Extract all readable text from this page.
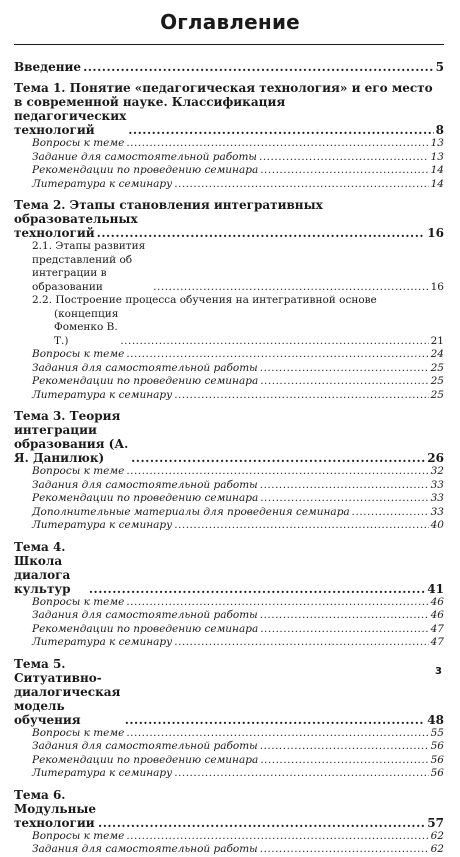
Оглавление
Введение .....	5
Тема 1. Понятие «педагогическая технология» и его место
в современной науке. Классификация
педагогических технологий .....	8
Вопросы к теме .....	13
Задание для самостоятельной работы .....	13
Рекомендации по проведению семинара .....	14
Литература к семинару .....	14
Тема 2. Этапы становления интегративных образовательных
технологий .....	16
2.1. Этапы развития представлений об интеграции в образовании .....	16
2.2. Построение процесса обучения на интегративной основе
(концепция Фоменко В. Т.) .....	21
Вопросы к теме .....	24
Задания для самостоятельной работы .....	25
Рекомендации по проведению семинара .....	25
Литература к семинару .....	25
Тема 3. Теория интеграции образования (А. Я. Данилюк) .....	26
Вопросы к теме .....	32
Задания для самостоятельной работы .....	33
Рекомендации по проведению семинара .....	33
Дополнительные материалы для проведения семинара .....	33
Литература к семинару .....	40
Тема 4. Школа диалога культур .....	41
Вопросы к теме .....	46
Задания для самостоятельной работы .....	46
Рекомендации по проведению семинара .....	47
Литература к семинару .....	47
Тема 5. Ситуативно-диалогическая модель обучения .....	48
Вопросы к теме .....	55
Задания для самостоятельной работы .....	56
Рекомендации по проведению семинара .....	56
Литература к семинару .....	56
Тема 6. Модульные технологии .....	57
Вопросы к теме .....	62
Задания для самостоятельной работы .....	62
3
